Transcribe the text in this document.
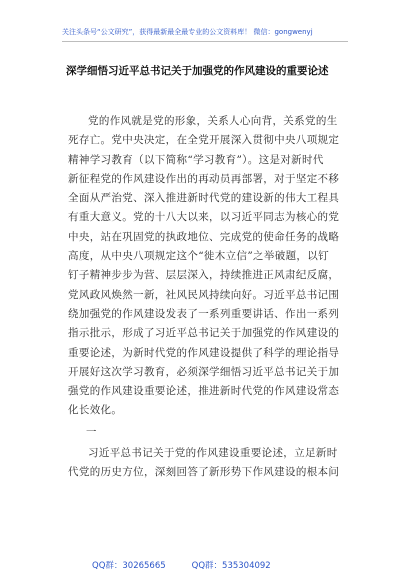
关注头条号“公文研究”，获得最新最全最专业的公文资料库！ 微信：gongwenyj
深学细悟习近平总书记关于加强党的作风建设的重要论述
党的作风就是党的形象，关系人心向背，关系党的生
死存亡。党中央决定，在全党开展深入贯彻中央八项规定
精神学习教育（以下简称“学习教育”）。这是对新时代
新征程党的作风建设作出的再动员再部署，对于坚定不移
全面从严治党、深入推进新时代党的建设新的伟大工程具
有重大意义。党的十八大以来，以习近平同志为核心的党
中央，站在巩固党的执政地位、完成党的使命任务的战略
高度，从中央八项规定这个“徙木立信”之举破题，以钉
钉子精神步步为营、层层深入，持续推进正风肃纪反腐，
党风政风焕然一新，社风民风持续向好。习近平总书记围
绕加强党的作风建设发表了一系列重要讲话、作出一系列
指示批示，形成了习近平总书记关于加强党的作风建设的
重要论述，为新时代党的作风建设提供了科学的理论指导
开展好这次学习教育，必须深学细悟习近平总书记关于加
强党的作风建设重要论述，推进新时代党的作风建设常态
化长效化。
一
习近平总书记关于党的作风建设重要论述，立足新时
代党的历史方位，深刻回答了新形势下作风建设的根本问
QQ群：30265665	QQ群：535304092
